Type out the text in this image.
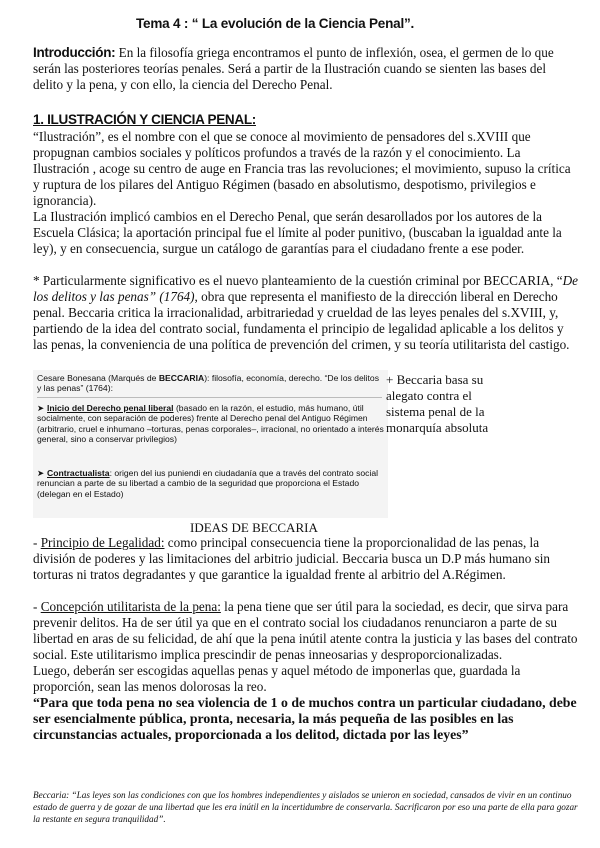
Tema 4 : “ La evolución de la Ciencia Penal”.
Introducción: En la filosofía griega encontramos el punto de inflexión, osea, el germen de lo que serán las posteriores teorías penales. Será a partir de la Ilustración cuando se sienten las bases del delito y la pena, y con ello, la ciencia del Derecho Penal.
1. ILUSTRACIÓN Y CIENCIA PENAL:

“Ilustración”, es el nombre con el que se conoce al movimiento de pensadores del s.XVIII que propugnan cambios sociales y políticos profundos a través de la razón y el conocimiento. La Ilustración , acoge su centro de auge en Francia tras las revoluciones; el movimiento, supuso la crítica y ruptura de los pilares del Antiguo Régimen (basado en absolutismo, despotismo, privilegios e ignorancia).

La Ilustración implicó cambios en el Derecho Penal, que serán desarollados por los autores de la Escuela Clásica; la aportación principal fue el límite al poder punitivo, (buscaban la igualdad ante la ley), y en consecuencia, surgue un catálogo de garantías para el ciudadano frente a ese poder.

* Particularmente significativo es el nuevo planteamiento de la cuestión criminal por BECCARIA, “De los delitos y las penas” (1764), obra que representa el manifiesto de la dirección liberal en Derecho penal. Beccaria critica la irracionalidad, arbitrariedad y crueldad de las leyes penales del s.XVIII, y, partiendo de la idea del contrato social, fundamenta el principio de legalidad aplicable a los delitos y las penas, la conveniencia de una política de prevención del crimen, y su teoría utilitarista del castigo.

Cesare Bonesana (Marqués de BECCARIA): filosofía, economía, derecho. “De los delitos y las penas” (1764):
➤ Inicio del Derecho penal liberal (basado en la razón, el estudio, más humano, útil socialmente, con separación de poderes) frente al Derecho penal del Antiguo Régimen (arbitrario, cruel e inhumano –torturas, penas corporales–, irracional, no orientado a interés general, sino a conservar privilegios)
➤ Contractualista: origen del ius puniendi en ciudadanía que a través del contrato social renuncian a parte de su libertad a cambio de la seguridad que proporciona el Estado (delegan en el Estado)
+ Beccaria basa su alegato contra el sistema penal de la monarquía absoluta
IDEAS DE BECCARIA

- Principio de Legalidad: como principal consecuencia tiene la proporcionalidad de las penas, la división de poderes y las limitaciones del arbitrio judicial. Beccaria busca un D.P más humano sin torturas ni tratos degradantes y que garantice la igualdad frente al arbitrio del A.Régimen.

- Concepción utilitarista de la pena: la pena tiene que ser útil para la sociedad, es decir, que sirva para prevenir delitos. Ha de ser útil ya que en el contrato social los ciudadanos renunciaron a parte de su libertad en aras de su felicidad, de ahí que la pena inútil atente contra la justicia y las bases del contrato social. Este utilitarismo implica prescindir de penas inneosarias y desproporcionalizadas.

Luego, deberán ser escogidas aquellas penas y aquel método de imponerlas que, guardada la proporción, sean las menos dolorosas la reo.

“Para que toda pena no sea violencia de 1 o de muchos contra un particular ciudadano, debe ser esencialmente pública, pronta, necesaria, la más pequeña de las posibles en las circunstancias actuales, proporcionada a los delitod, dictada por las leyes”

Beccaria: “Las leyes son las condiciones con que los hombres independientes y aislados se unieron en sociedad, cansados de vivir en un continuo estado de guerra y de gozar de una libertad que les era inútil en la incertidumbre de conservarla. Sacrificaron por eso una parte de ella para gozar la restante en segura tranquilidad”.
